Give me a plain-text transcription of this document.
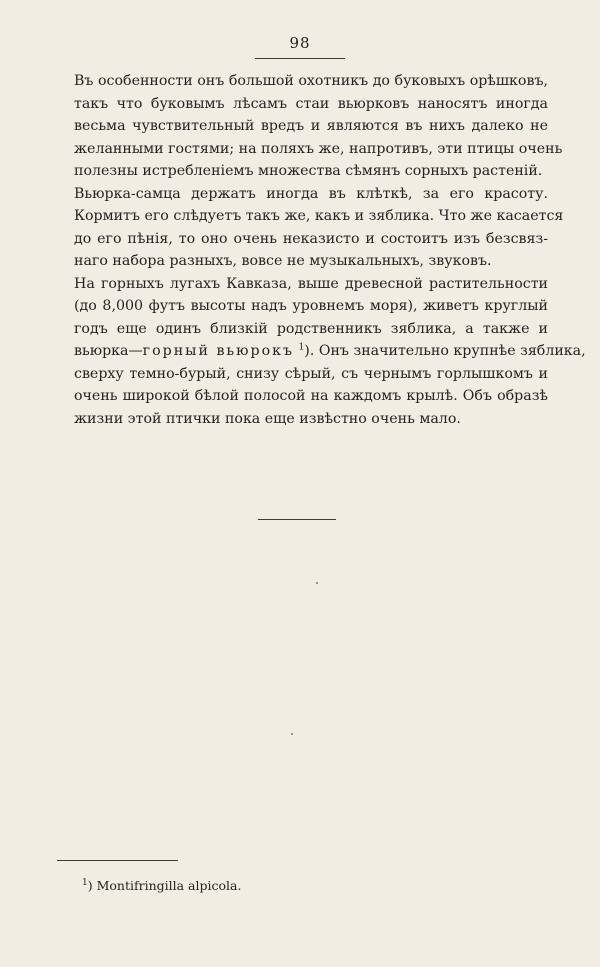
98
Въ особенности онъ большой охотникъ до буковыхъ орѣшковъ,
такъ что буковымъ лѣсамъ стаи вьюрковъ наносятъ иногда
весьма чувствительный вредъ и являются въ нихъ далеко не
желанными гостями; на поляхъ же, напротивъ, эти птицы очень
полезны истребленіемъ множества сѣмянъ сорныхъ растеній.
Вьюрка-самца держатъ иногда въ клѣткѣ, за его красоту.
Кормитъ его слѣдуетъ такъ же, какъ и зяблика. Что же касается
до его пѣнія, то оно очень неказисто и состоитъ изъ безсвяз-
наго набора разныхъ, вовсе не музыкальныхъ, звуковъ.
На горныхъ лугахъ Кавказа, выше древесной растительности
(до 8,000 футъ высоты надъ уровнемъ моря), живетъ круглый
годъ еще одинъ близкій родственникъ зяблика, а также и
вьюрка—горный вьюрокъ $^1$). Онъ значительно крупнѣе зяблика,
сверху темно-бурый, снизу сѣрый, съ чернымъ горлышкомъ и
очень широкой бѣлой полосой на каждомъ крылѣ. Объ образѣ
жизни этой птички пока еще извѣстно очень мало.
$^1$) Montifringilla alpicola.
